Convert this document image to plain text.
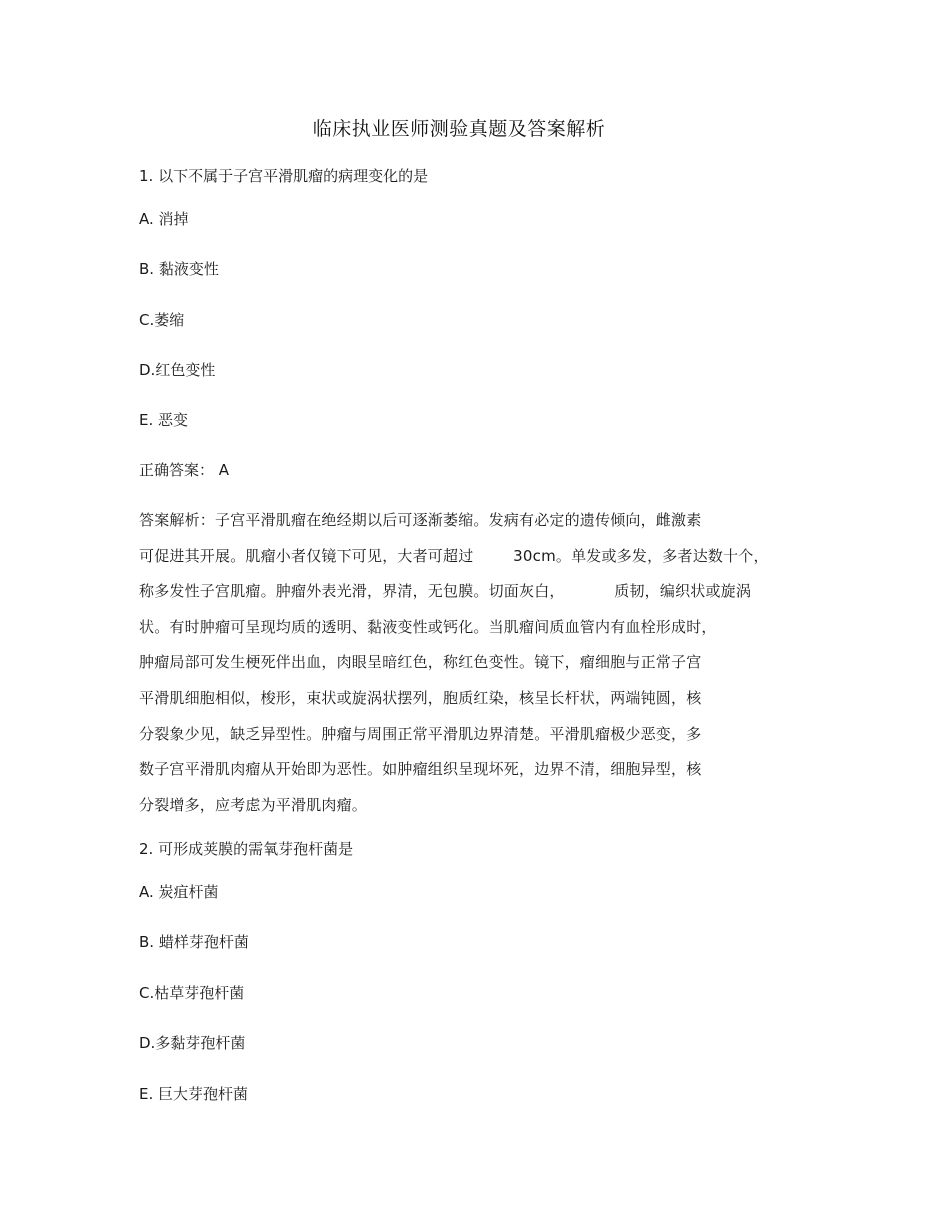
临床执业医师测验真题及答案解析
1. 以下不属于子宫平滑肌瘤的病理变化的是
A. 消掉
B. 黏液变性
C.萎缩
D.红色变性
E. 恶变
正确答案： A
答案解析：子宫平滑肌瘤在绝经期以后可逐渐萎缩。发病有必定的遗传倾向，雌激素
可促进其开展。肌瘤小者仅镜下可见，大者可超过        30cm。单发或多发，多者达数十个，
称多发性子宫肌瘤。肿瘤外表光滑，界清，无包膜。切面灰白，          质韧，编织状或旋涡
状。有时肿瘤可呈现均质的透明、黏液变性或钙化。当肌瘤间质血管内有血栓形成时，
肿瘤局部可发生梗死伴出血，肉眼呈暗红色，称红色变性。镜下，瘤细胞与正常子宫
平滑肌细胞相似，梭形，束状或旋涡状摆列，胞质红染，核呈长杆状，两端钝圆，核
分裂象少见，缺乏异型性。肿瘤与周围正常平滑肌边界清楚。平滑肌瘤极少恶变，多
数子宫平滑肌肉瘤从开始即为恶性。如肿瘤组织呈现坏死，边界不清，细胞异型，核
分裂增多，应考虑为平滑肌肉瘤。
2. 可形成荚膜的需氧芽孢杆菌是
A. 炭疽杆菌
B. 蜡样芽孢杆菌
C.枯草芽孢杆菌
D.多黏芽孢杆菌
E. 巨大芽孢杆菌
